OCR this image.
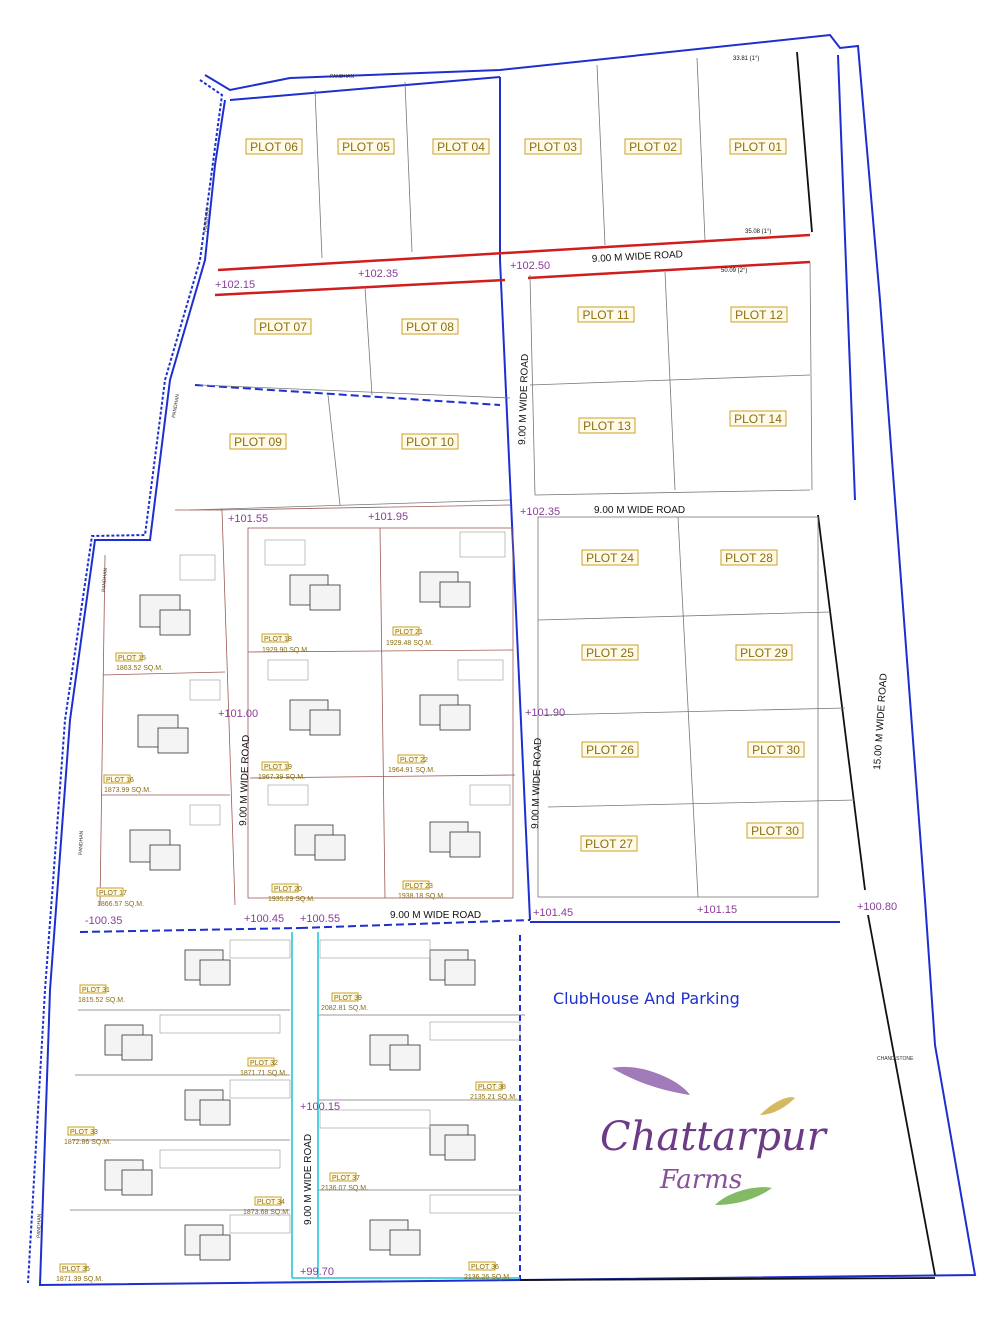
PLOT 06	PLOT 05	PLOT 04	PLOT 03	PLOT 02	PLOT 01
PLOT 07	PLOT 08
PLOT 09	PLOT 10
PLOT 11	PLOT 12
PLOT 13	PLOT 14
PLOT 24	PLOT 28
PLOT 25	PLOT 29
PLOT 26	PLOT 30
PLOT 27
PLOT 30
PLOT 15
1863.52 SQ.M.
PLOT 16
1873.99 SQ.M.
PLOT 17
1866.57 SQ.M.
PLOT 18
1929.90 SQ.M.
PLOT 21
1929.48 SQ.M.
PLOT 19
1967.39 SQ.M.
PLOT 22
1964.91 SQ.M.
PLOT 20
1935.29 SQ.M.
PLOT 23
1938.18 SQ.M.
PLOT 31
1815.52 SQ.M.
PLOT 32
1871.71 SQ.M.
PLOT 33
1872.86 SQ.M.
PLOT 34
1873.68 SQ.M.
PLOT 35
1871.39 SQ.M.
PLOT 39
2082.81 SQ.M.
PLOT 38
2135.21 SQ.M.
PLOT 37
2136.07 SQ.M.
PLOT 36
2136.26 SQ.M.
9.00 M WIDE ROAD
9.00 M WIDE ROAD
9.00 M WIDE ROAD
9.00 M WIDE ROAD	9.00 M WIDE ROAD
9.00 M WIDE ROAD
9.00 M WIDE ROAD
15.00 M WIDE ROAD
+102.15
+102.35
+102.50
+101.55	+101.95	+102.35
+101.00	+101.90
-100.35	+100.45 +100.55	+101.45	+101.15	+100.80
+100.15
+99.70
33.81 (1°)
35.08 (1°)
50.09 (2°)
PANDHAN
PANDHAN
PANDHAN
PANDHAN
PANDHAN
PANDHAN
CHAND STONE
ClubHouse And Parking
Chattarpur
Farms
